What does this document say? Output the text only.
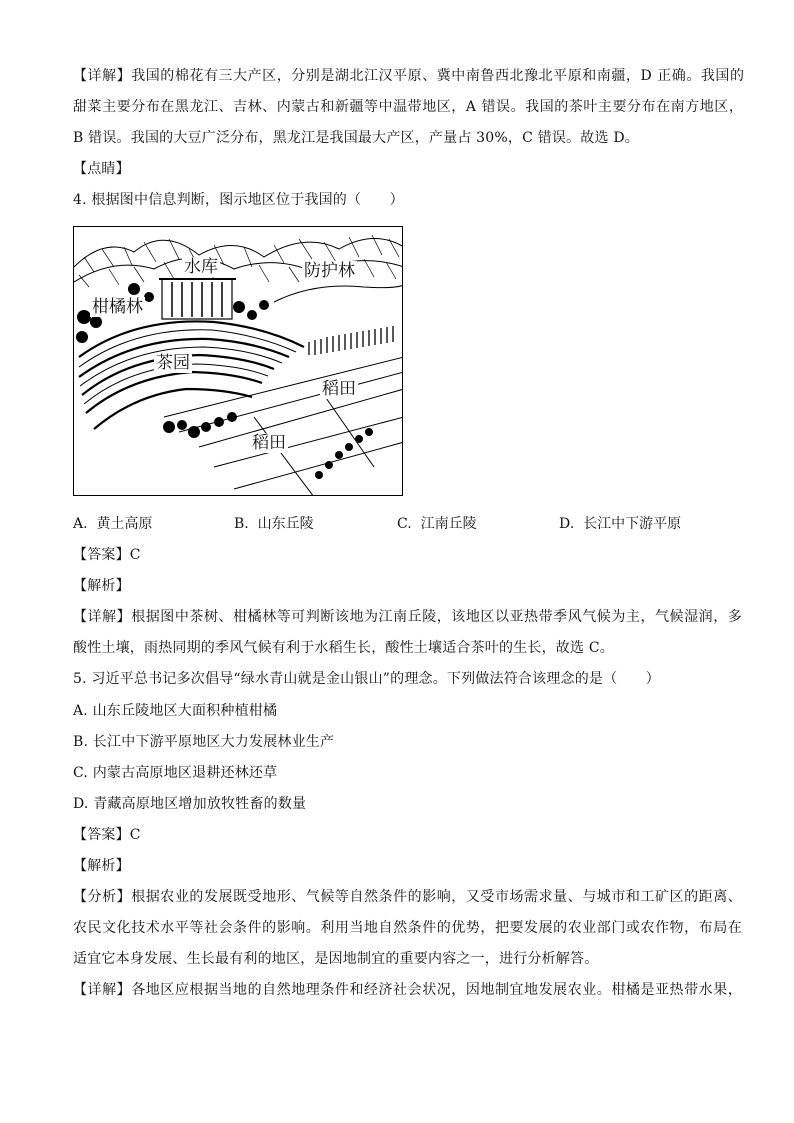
【详解】我国的棉花有三大产区，分别是湖北江汉平原、冀中南鲁西北豫北平原和南疆，D 正确。我国的
甜菜主要分布在黑龙江、吉林、内蒙古和新疆等中温带地区，A 错误。我国的茶叶主要分布在南方地区，
B 错误。我国的大豆广泛分布，黑龙江是我国最大产区，产量占 30%，C 错误。故选 D。
【点睛】
4. 根据图中信息判断，图示地区位于我国的（　　）
水库	防护林
柑橘林
茶园
稻田
稻田
A. 黄土高原	B. 山东丘陵	C. 江南丘陵	D. 长江中下游平原
【答案】C
【解析】
【详解】根据图中茶树、柑橘林等可判断该地为江南丘陵，该地区以亚热带季风气候为主，气候湿润，多
酸性土壤，雨热同期的季风气候有利于水稻生长，酸性土壤适合茶叶的生长，故选 C。
5. 习近平总书记多次倡导“绿水青山就是金山银山”的理念。下列做法符合该理念的是（　　）
A. 山东丘陵地区大面积种植柑橘
B. 长江中下游平原地区大力发展林业生产
C. 内蒙古高原地区退耕还林还草
D. 青藏高原地区增加放牧牲畜的数量
【答案】C
【解析】
【分析】根据农业的发展既受地形、气候等自然条件的影响，又受市场需求量、与城市和工矿区的距离、
农民文化技术水平等社会条件的影响。利用当地自然条件的优势，把要发展的农业部门或农作物，布局在
适宜它本身发展、生长最有利的地区，是因地制宜的重要内容之一，进行分析解答。
【详解】各地区应根据当地的自然地理条件和经济社会状况，因地制宜地发展农业。柑橘是亚热带水果，
